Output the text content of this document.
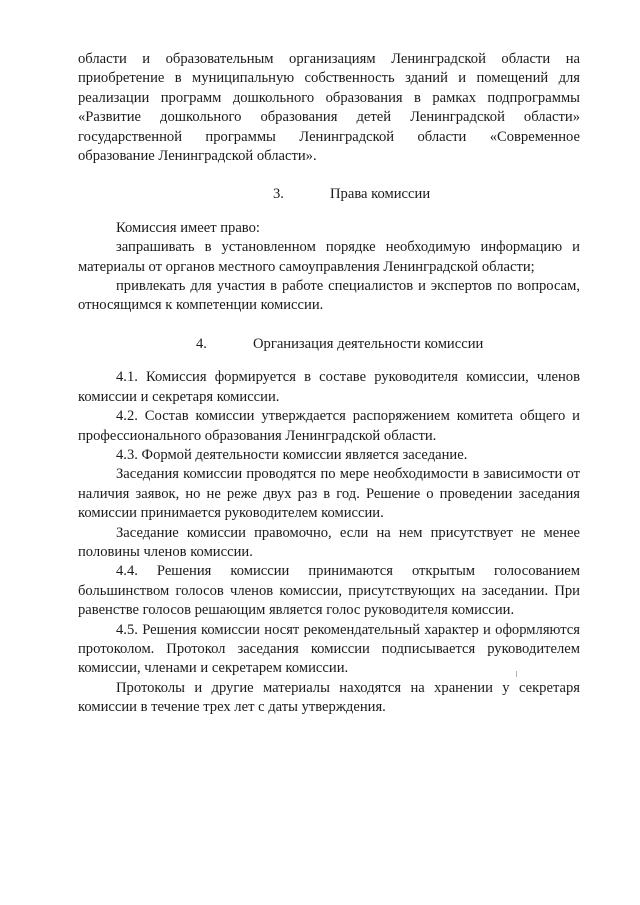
области и образовательным организациям Ленинградской области на приобретение в муниципальную собственность зданий и помещений для реализации программ дошкольного образования в рамках подпрограммы «Развитие дошкольного образования детей Ленинградской области» государственной программы Ленинградской области «Современное образование Ленинградской области».

3.	Права комиссии

Комиссия имеет право:

запрашивать в установленном порядке необходимую информацию и материалы от органов местного самоуправления Ленинградской области;

привлекать для участия в работе специалистов и экспертов по вопросам, относящимся к компетенции комиссии.

4.	Организация деятельности комиссии

4.1. Комиссия формируется в составе руководителя комиссии, членов комиссии и секретаря комиссии.

4.2. Состав комиссии утверждается распоряжением комитета общего и профессионального образования Ленинградской области.

4.3. Формой деятельности комиссии является заседание.

Заседания комиссии проводятся по мере необходимости в зависимости от наличия заявок, но не реже двух раз в год. Решение о проведении заседания комиссии принимается руководителем комиссии.

Заседание комиссии правомочно, если на нем присутствует не менее половины членов комиссии.

4.4. Решения комиссии принимаются открытым голосованием большинством голосов членов комиссии, присутствующих на заседании. При равенстве голосов решающим является голос руководителя комиссии.

4.5. Решения комиссии носят рекомендательный характер и оформляются протоколом. Протокол заседания комиссии подписывается руководителем комиссии, членами и секретарем комиссии.

Протоколы и другие материалы находятся на хранении у секретаря комиссии в течение трех лет с даты утверждения.
